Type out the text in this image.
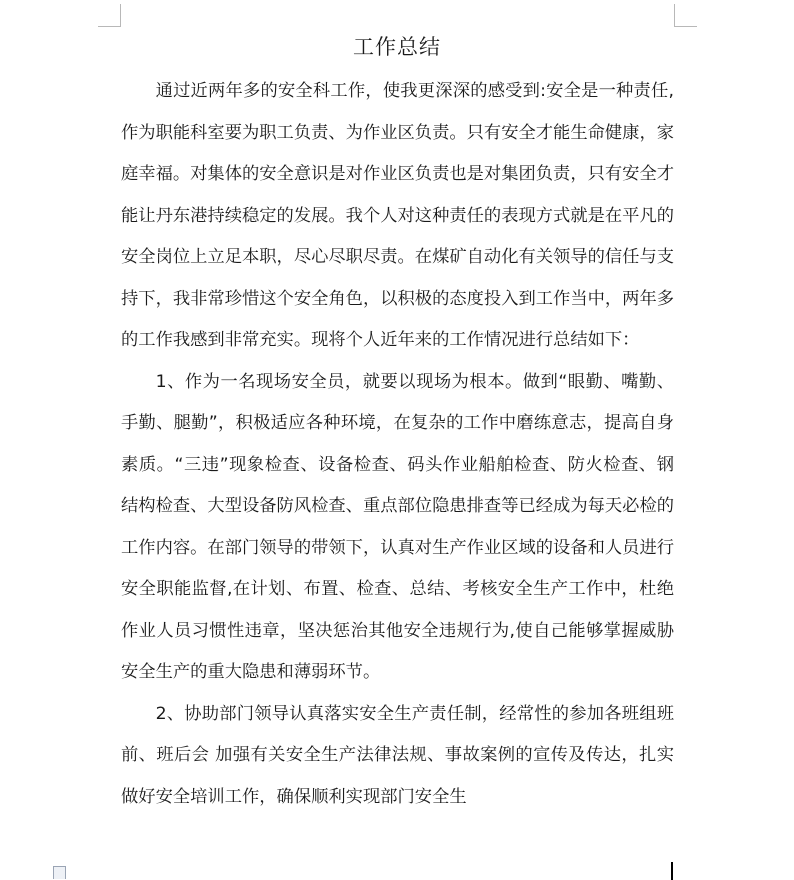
工作总结

通过近两年多的安全科工作，使我更深深的感受到:安全是一种责任,作为职能科室要为职工负责、为作业区负责。只有安全才能生命健康，家庭幸福。对集体的安全意识是对作业区负责也是对集团负责，只有安全才能让丹东港持续稳定的发展。我个人对这种责任的表现方式就是在平凡的安全岗位上立足本职，尽心尽职尽责。在煤矿自动化有关领导的信任与支持下，我非常珍惜这个安全角色，以积极的态度投入到工作当中，两年多的工作我感到非常充实。现将个人近年来的工作情况进行总结如下：

1、作为一名现场安全员，就要以现场为根本。做到“眼勤、嘴勤、手勤、腿勤”，积极适应各种环境，在复杂的工作中磨练意志，提高自身素质。“三违”现象检查、设备检查、码头作业船舶检查、防火检查、钢结构检查、大型设备防风检查、重点部位隐患排查等已经成为每天必检的工作内容。在部门领导的带领下，认真对生产作业区域的设备和人员进行安全职能监督,在计划、布置、检查、总结、考核安全生产工作中，杜绝作业人员习惯性违章，坚决惩治其他安全违规行为,使自己能够掌握威胁安全生产的重大隐患和薄弱环节。

2、协助部门领导认真落实安全生产责任制，经常性的参加各班组班前、班后会 加强有关安全生产法律法规、事故案例的宣传及传达，扎实做好安全培训工作，确保顺利实现部门安全生
